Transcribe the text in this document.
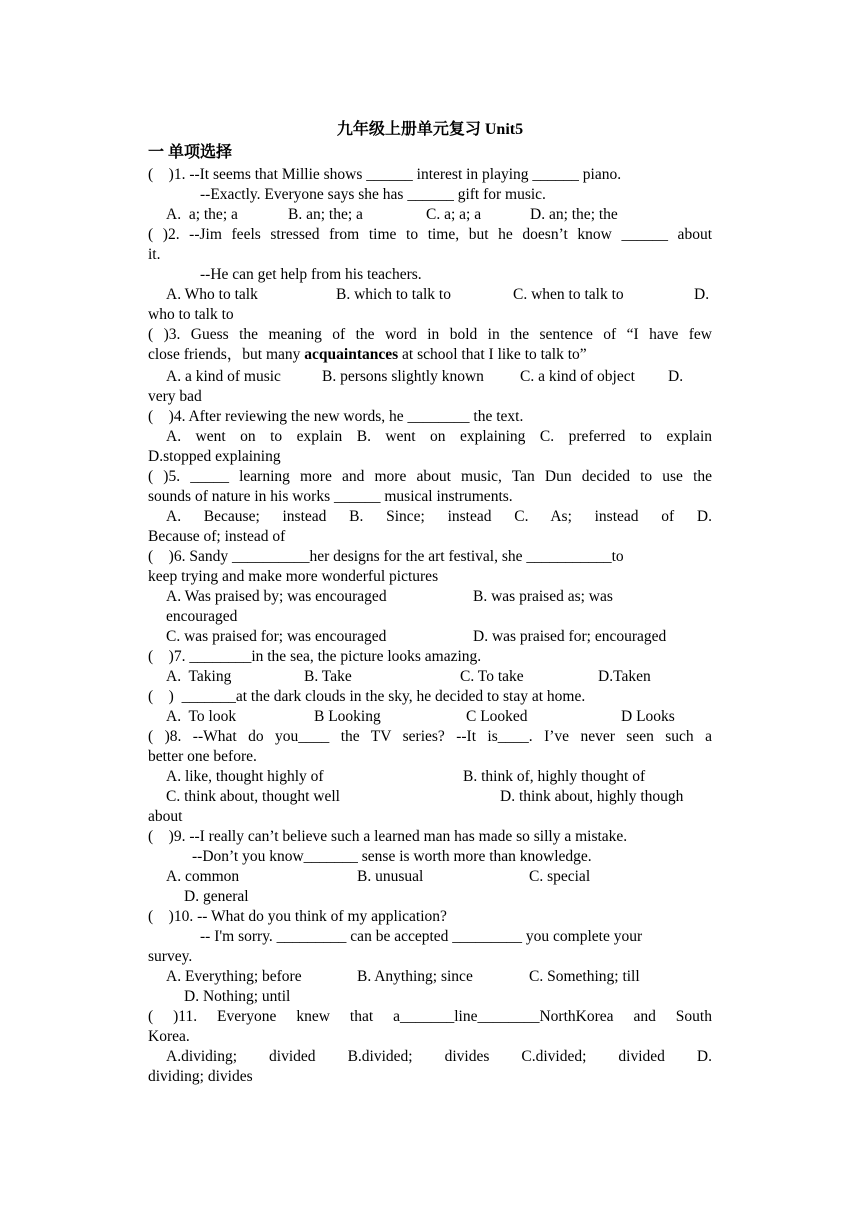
九年级上册单元复习 Unit5
一 单项选择
(    )1. --It seems that Millie shows ______ interest in playing ______ piano.
--Exactly. Everyone says she has ______ gift for music.
A.  a; the; a	B. an; the; a	C. a; a; a	D. an; the; the
( )2. --Jim feels stressed from time to time, but he doesn’t know ______ about
it.
--He can get help from his teachers.
A. Who to talk	B. which to talk to	C. when to talk to	D.
who to talk to
( )3. Guess the meaning of the word in bold in the sentence of “I have few
close friends，but many acquaintances at school that I like to talk to”
A. a kind of music	B. persons slightly known C. a kind of object D.
very bad
(    )4. After reviewing the new words, he ________ the text.
A. went on to explain B. went on explaining C. preferred to explain
D.stopped explaining
( )5. _____ learning more and more about music, Tan Dun decided to use the
sounds of nature in his works ______ musical instruments.
A. Because; instead B. Since; instead C. As; instead of D.
Because of; instead of
(    )6. Sandy __________her designs for the art festival, she ___________to
keep trying and make more wonderful pictures
A. Was praised by; was encouraged	B. was praised as; was
encouraged
C. was praised for; was encouraged	D. was praised for; encouraged
(    )7. ________in the sea, the picture looks amazing.
A.  Taking	B. Take	C. To take	D.Taken
(    )  _______at the dark clouds in the sky, he decided to stay at home.
A.  To look	B Looking	C Looked	D Looks
( )8. --What do you____ the TV series? --It is____. I’ve never seen such a
better one before.
A. like, thought highly of	B. think of, highly thought of
C. think about, thought well	D. think about, highly though
about
(    )9. --I really can’t believe such a learned man has made so silly a mistake.
--Don’t you know_______ sense is worth more than knowledge.
A. common	B. unusual	C. special
D. general
(    )10. -- What do you think of my application?
-- I'm sorry. _________ can be accepted _________ you complete your
survey.
A. Everything; before	B. Anything; since	C. Something; till
D. Nothing; until
( )11. Everyone knew that a_______line________NorthKorea and South
Korea.
A.dividing; divided B.divided; divides C.divided; divided D.
dividing; divides
